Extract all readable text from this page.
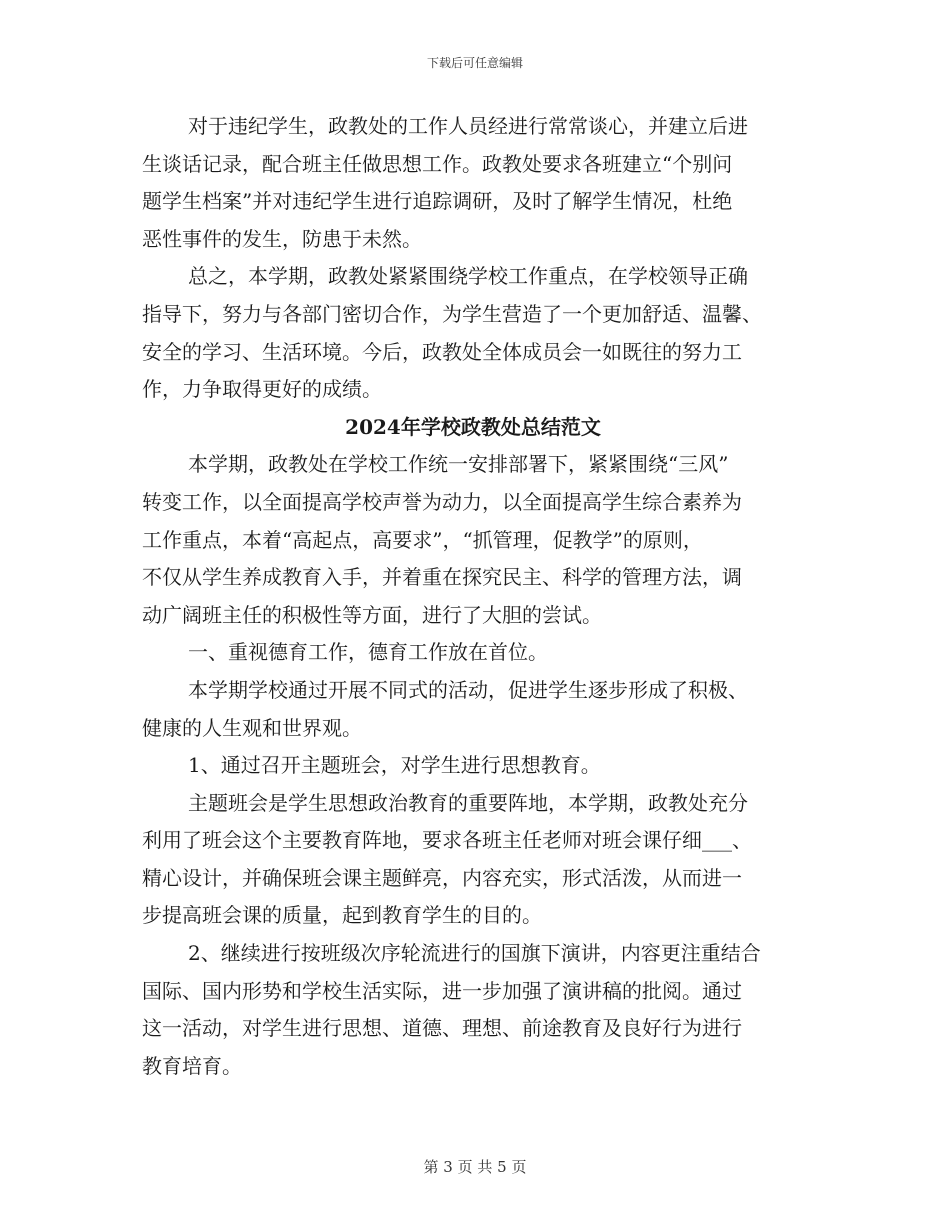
下载后可任意编辑
对于违纪学生，政教处的工作人员经进行常常谈心，并建立后进
生谈话记录，配合班主任做思想工作。政教处要求各班建立“个别问
题学生档案”并对违纪学生进行追踪调研，及时了解学生情况，杜绝
恶性事件的发生，防患于未然。
总之，本学期，政教处紧紧围绕学校工作重点，在学校领导正确
指导下，努力与各部门密切合作，为学生营造了一个更加舒适、温馨、
安全的学习、生活环境。今后，政教处全体成员会一如既往的努力工
作，力争取得更好的成绩。
2024年学校政教处总结范文
本学期，政教处在学校工作统一安排部署下，紧紧围绕“三风”
转变工作，以全面提高学校声誉为动力，以全面提高学生综合素养为
工作重点，本着“高起点，高要求”，“抓管理，促教学”的原则，
不仅从学生养成教育入手，并着重在探究民主、科学的管理方法，调
动广阔班主任的积极性等方面，进行了大胆的尝试。
一、重视德育工作，德育工作放在首位。
本学期学校通过开展不同式的活动，促进学生逐步形成了积极、
健康的人生观和世界观。
1、通过召开主题班会，对学生进行思想教育。
主题班会是学生思想政治教育的重要阵地，本学期，政教处充分
利用了班会这个主要教育阵地，要求各班主任老师对班会课仔细___、
精心设计，并确保班会课主题鲜亮，内容充实，形式活泼，从而进一
步提高班会课的质量，起到教育学生的目的。
2、继续进行按班级次序轮流进行的国旗下演讲，内容更注重结合
国际、国内形势和学校生活实际，进一步加强了演讲稿的批阅。通过
这一活动，对学生进行思想、道德、理想、前途教育及良好行为进行
教育培育。
第 3 页 共 5 页
